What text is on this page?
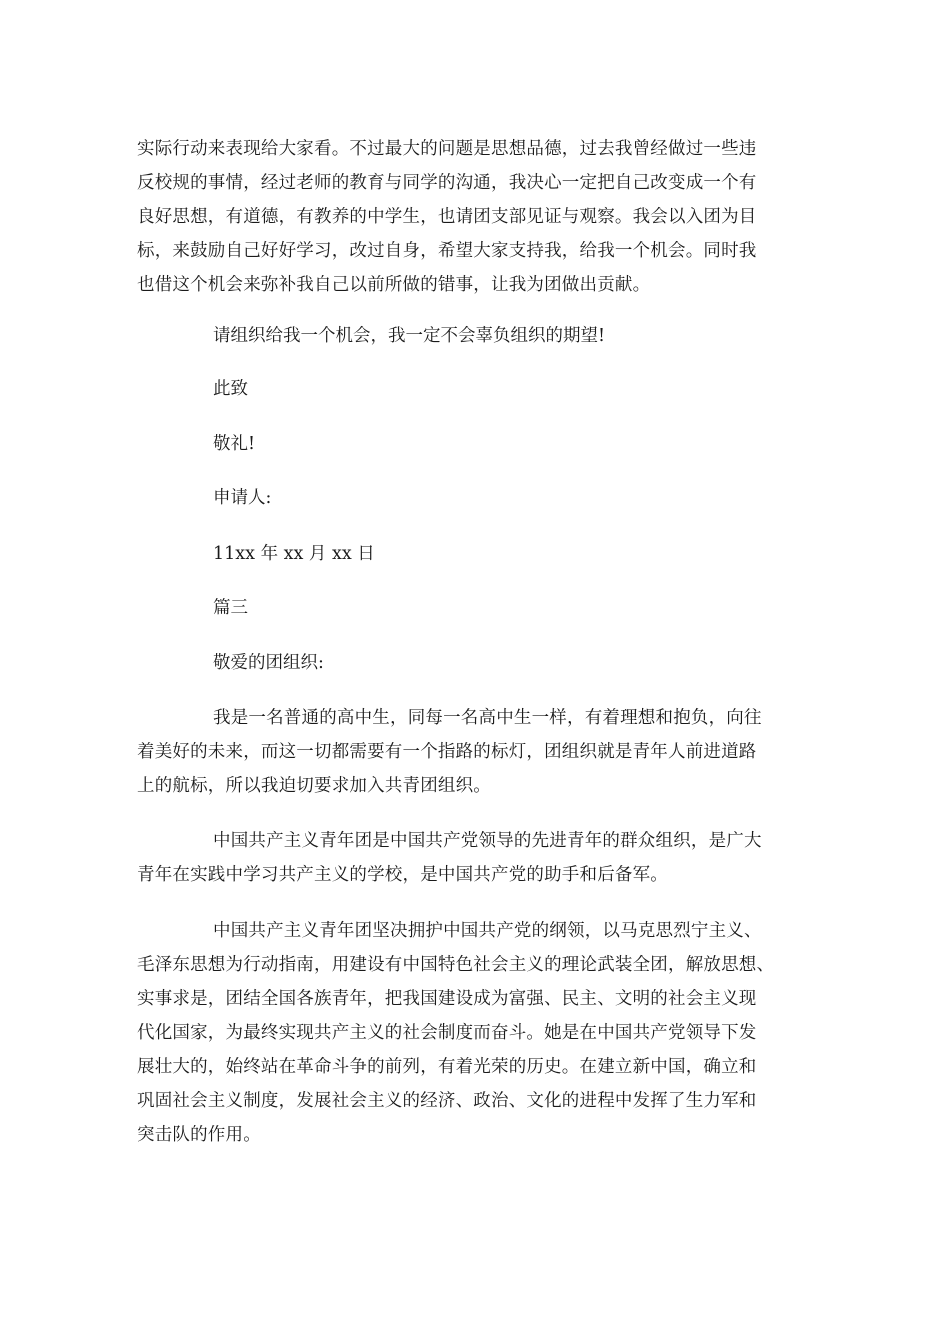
实际行动来表现给大家看。不过最大的问题是思想品德，过去我曾经做过一些违
反校规的事情，经过老师的教育与同学的沟通，我决心一定把自己改变成一个有
良好思想，有道德，有教养的中学生，也请团支部见证与观察。我会以入团为目
标，来鼓励自己好好学习，改过自身，希望大家支持我，给我一个机会。同时我
也借这个机会来弥补我自己以前所做的错事，让我为团做出贡献。
请组织给我一个机会，我一定不会辜负组织的期望!
此致
敬礼!
申请人:
11xx 年 xx 月 xx 日
篇三
敬爱的团组织:
我是一名普通的高中生，同每一名高中生一样，有着理想和抱负，向往
着美好的未来，而这一切都需要有一个指路的标灯，团组织就是青年人前进道路
上的航标，所以我迫切要求加入共青团组织。
中国共产主义青年团是中国共产党领导的先进青年的群众组织，是广大
青年在实践中学习共产主义的学校，是中国共产党的助手和后备军。
中国共产主义青年团坚决拥护中国共产党的纲领，以马克思烈宁主义、
毛泽东思想为行动指南，用建设有中国特色社会主义的理论武装全团，解放思想、
实事求是，团结全国各族青年，把我国建设成为富强、民主、文明的社会主义现
代化国家，为最终实现共产主义的社会制度而奋斗。她是在中国共产党领导下发
展壮大的，始终站在革命斗争的前列，有着光荣的历史。在建立新中国，确立和
巩固社会主义制度，发展社会主义的经济、政治、文化的进程中发挥了生力军和
突击队的作用。
